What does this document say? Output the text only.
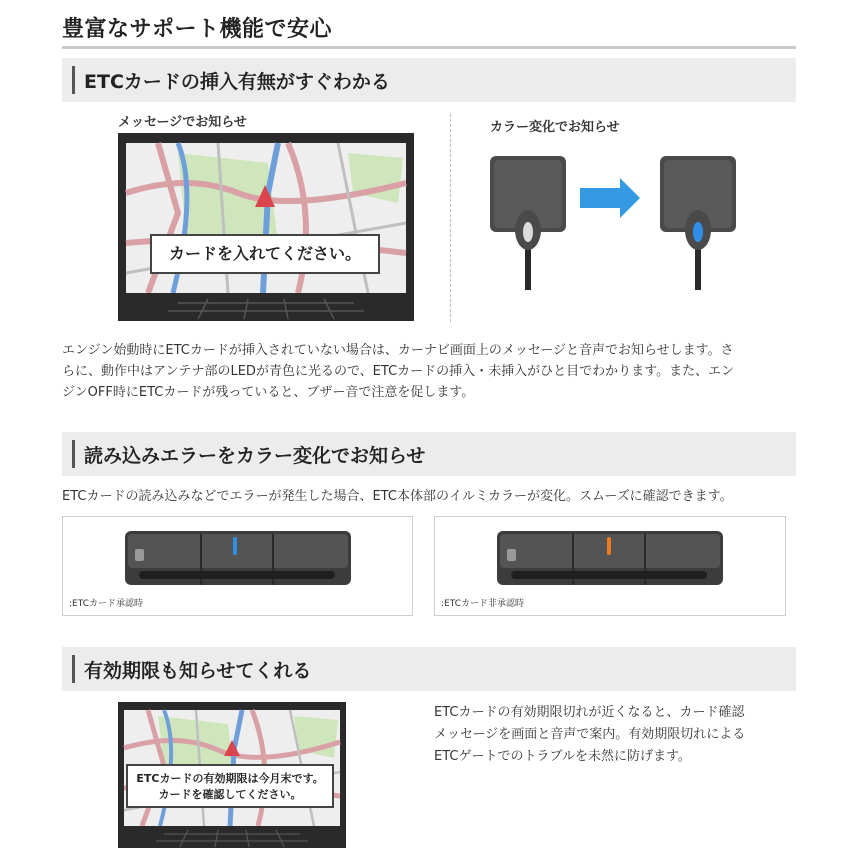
豊富なサポート機能で安心
ETCカードの挿入有無がすぐわかる
メッセージでお知らせ	カラー変化でお知らせ
カードを入れてください。
エンジン始動時にETCカードが挿入されていない場合は、カーナビ画面上のメッセージと音声でお知らせします。さ
らに、動作中はアンテナ部のLEDが青色に光るので、ETCカードの挿入・未挿入がひと目でわかります。また、エン
ジンOFF時にETCカードが残っていると、ブザー音で注意を促します。
読み込みエラーをカラー変化でお知らせ
ETCカードの読み込みなどでエラーが発生した場合、ETC本体部のイルミカラーが変化。スムーズに確認できます。
:ETCカード承認時	:ETCカード非承認時
有効期限も知らせてくれる
ETCカードの有効期限は今月末です。
カードを確認してください。
ETCカードの有効期限切れが近くなると、カード確認
メッセージを画面と音声で案内。有効期限切れによる
ETCゲートでのトラブルを未然に防げます。
